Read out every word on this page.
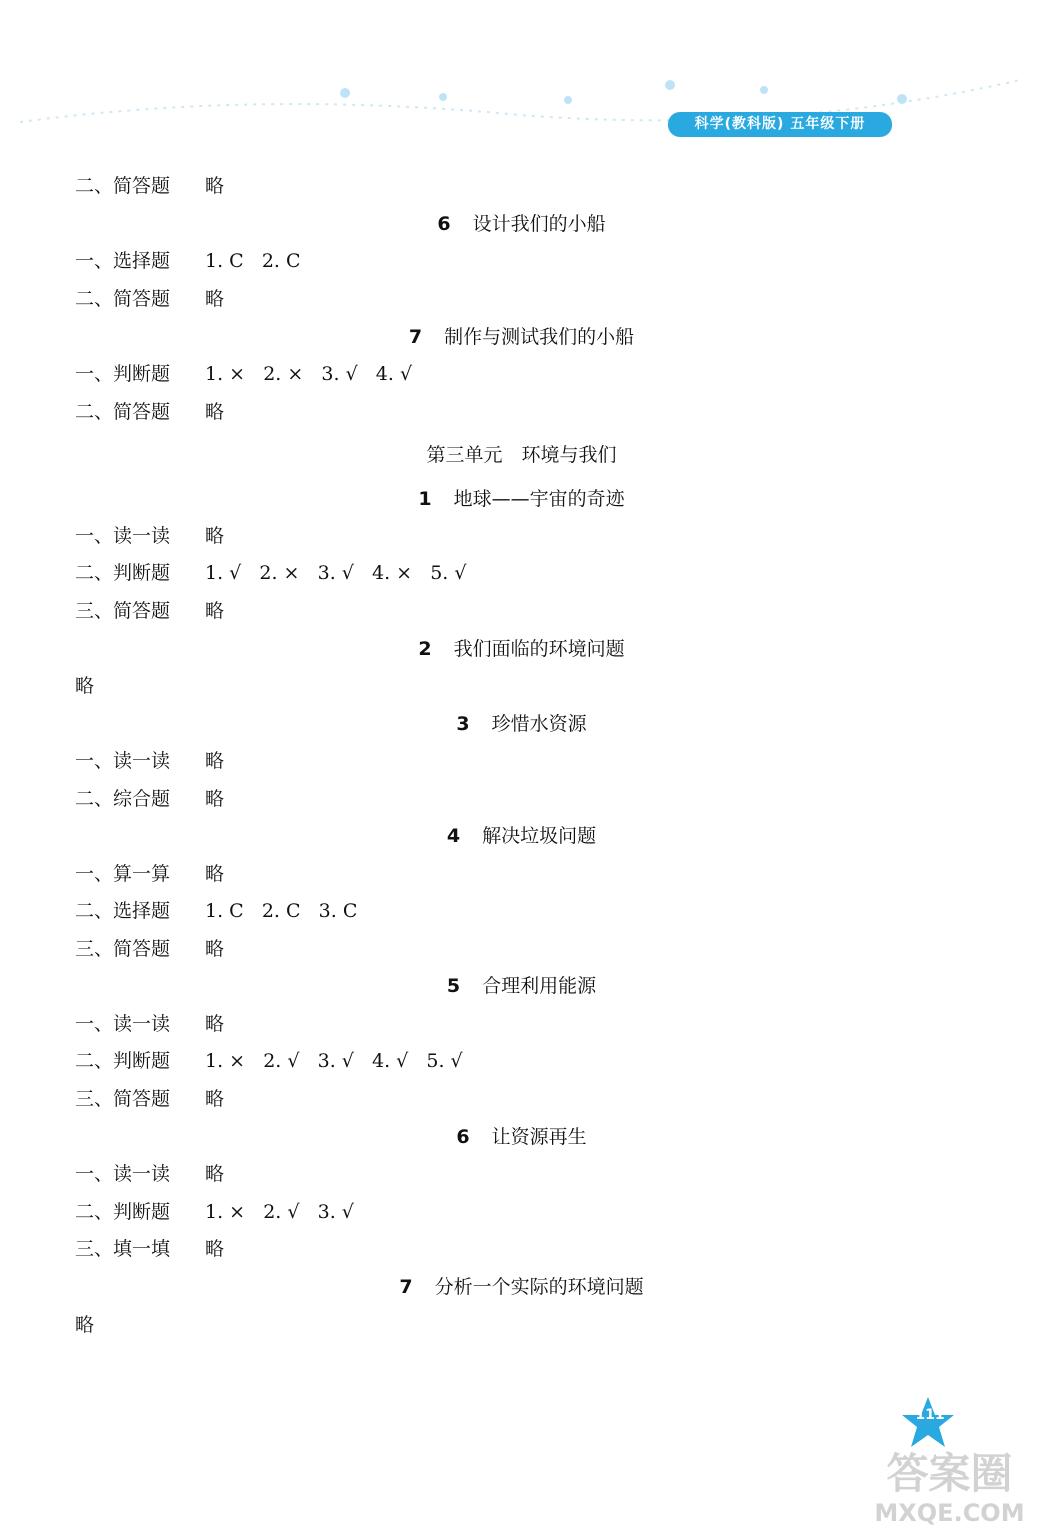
科学(教科版) 五年级下册
二、简答题 略
6 设计我们的小船
一、选择题 1. C   2. C
二、简答题 略
7 制作与测试我们的小船
一、判断题 1. ×   2. ×   3. √   4. √
二、简答题 略
第三单元　环境与我们
1 地球——宇宙的奇迹
一、读一读 略
二、判断题 1. √   2. ×   3. √   4. ×   5. √
三、简答题 略
2 我们面临的环境问题
略
3 珍惜水资源
一、读一读 略
二、综合题 略
4 解决垃圾问题
一、算一算 略
二、选择题 1. C   2. C   3. C
三、简答题 略
5 合理利用能源
一、读一读 略
二、判断题 1. ×   2. √   3. √   4. √   5. √
三、简答题 略
6 让资源再生
一、读一读 略
二、判断题 1. ×   2. √   3. √
三、填一填 略
7 分析一个实际的环境问题
略
111
答案圈
MXQE.COM
